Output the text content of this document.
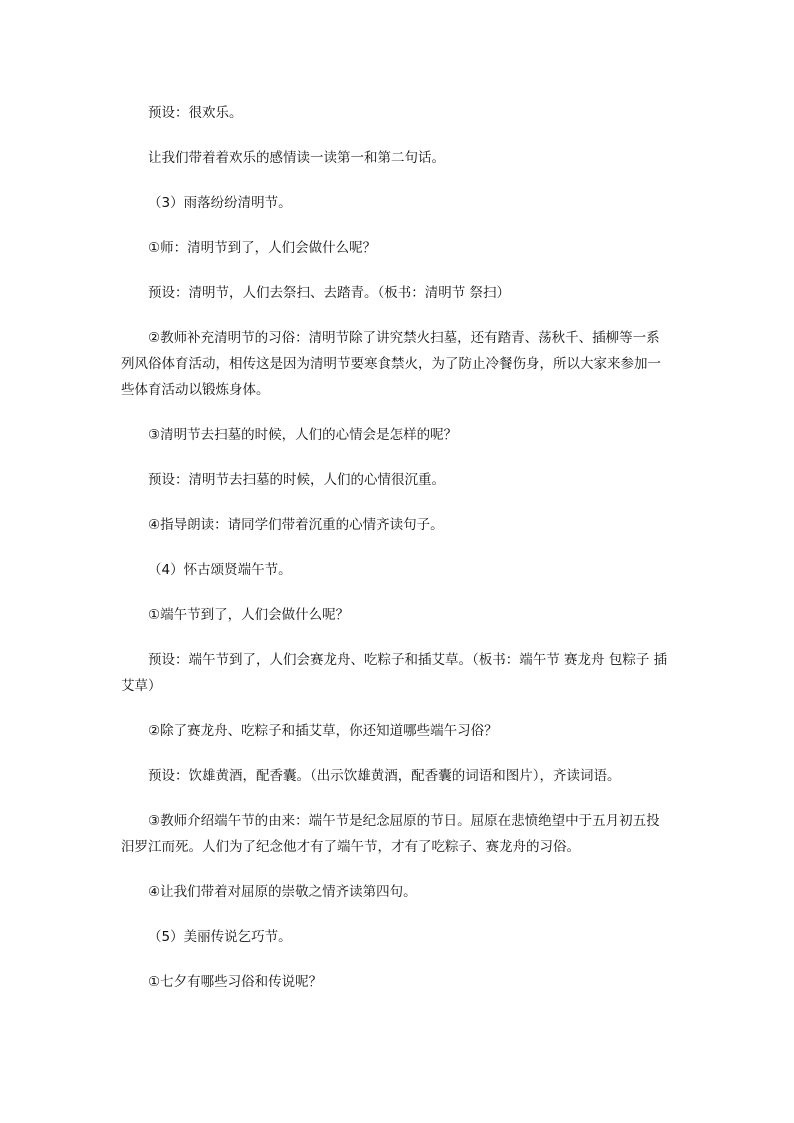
预设：很欢乐。

让我们带着着欢乐的感情读一读第一和第二句话。

（3）雨落纷纷清明节。

①师：清明节到了，人们会做什么呢？

预设：清明节，人们去祭扫、去踏青。（板书：清明节 祭扫）

②教师补充清明节的习俗：清明节除了讲究禁火扫墓，还有踏青、荡秋千、插柳等一系列风俗体育活动，相传这是因为清明节要寒食禁火，为了防止冷餐伤身，所以大家来参加一些体育活动以锻炼身体。

③清明节去扫墓的时候，人们的心情会是怎样的呢？

预设：清明节去扫墓的时候，人们的心情很沉重。

④指导朗读：请同学们带着沉重的心情齐读句子。

（4）怀古颂贤端午节。

①端午节到了，人们会做什么呢？

预设：端午节到了，人们会赛龙舟、吃粽子和插艾草。（板书：端午节 赛龙舟 包粽子 插艾草）

②除了赛龙舟、吃粽子和插艾草，你还知道哪些端午习俗？

预设：饮雄黄酒，配香囊。（出示饮雄黄酒，配香囊的词语和图片），齐读词语。

③教师介绍端午节的由来：端午节是纪念屈原的节日。屈原在悲愤绝望中于五月初五投汨罗江而死。人们为了纪念他才有了端午节，才有了吃粽子、赛龙舟的习俗。

④让我们带着对屈原的崇敬之情齐读第四句。

（5）美丽传说乞巧节。

①七夕有哪些习俗和传说呢？
